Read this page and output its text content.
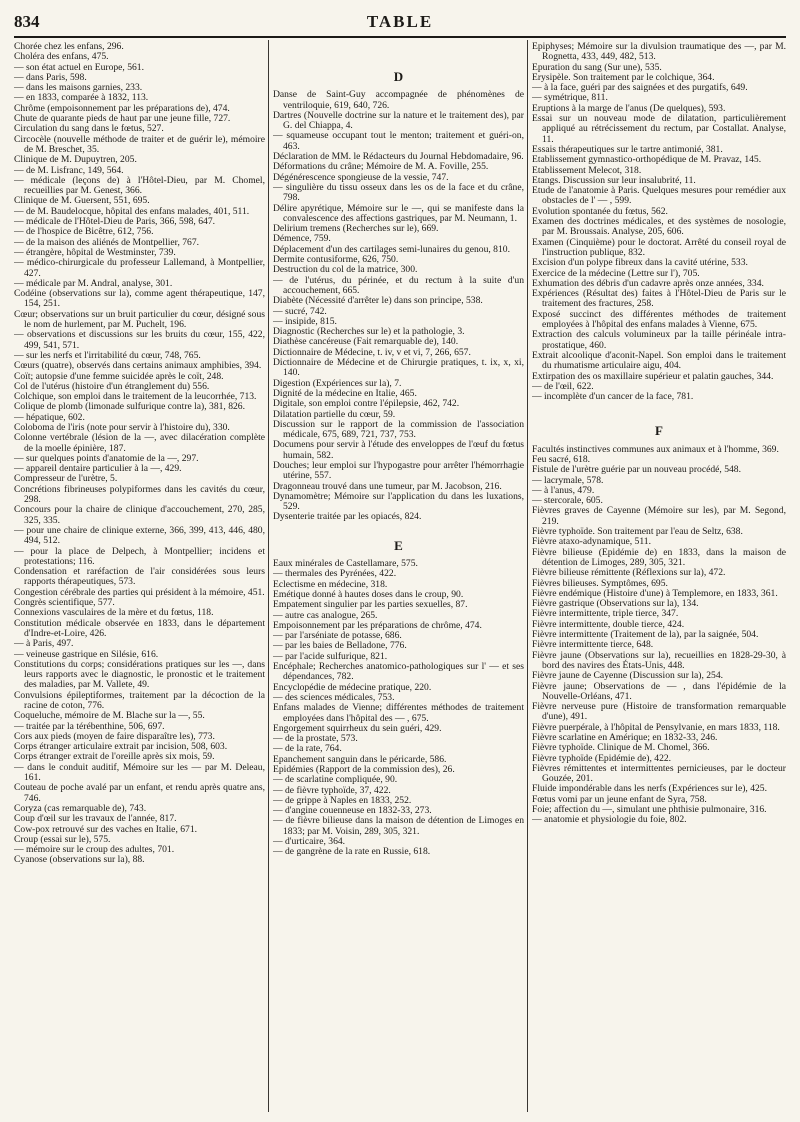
834	TABLE

Chorée chez les enfans, 296.

Choléra des enfans, 475.

— son état actuel en Europe, 561.

— dans Paris, 598.

— dans les maisons garnies, 233.

— en 1833, comparée à 1832, 113.

Chrôme (empoisonnement par les préparations de), 474.

Chute de quarante pieds de haut par une jeune fille, 727.

Circulation du sang dans le fœtus, 527.

Circocèle (nouvelle méthode de traiter et de guérir le), mémoire de M. Breschet, 35.

Clinique de M. Dupuytren, 205.

— de M. Lisfranc, 149, 564.

— médicale (leçons de) à l'Hôtel-Dieu, par M. Chomel, recueillies par M. Genest, 366.

Clinique de M. Guersent, 551, 695.

— de M. Baudelocque, hôpital des enfans malades, 401, 511.

— médicale de l'Hôtel-Dieu de Paris, 366, 598, 647.

— de l'hospice de Bicêtre, 612, 756.

— de la maison des aliénés de Montpellier, 767.

— étrangère, hôpital de Westminster, 739.

— médico-chirurgicale du professeur Lallemand, à Montpellier, 427.

— médicale par M. Andral, analyse, 301.

Codéine (observations sur la), comme agent thérapeutique, 147, 154, 251.

Cœur; observations sur un bruit particulier du cœur, désigné sous le nom de hurlement, par M. Puchelt, 196.

— observations et discussions sur les bruits du cœur, 155, 422, 499, 541, 571.

— sur les nerfs et l'irritabilité du cœur, 748, 765.

Cœurs (quatre), observés dans certains animaux amphibies, 394.

Coït; autopsie d'une femme suicidée après le coït, 248.

Col de l'utérus (histoire d'un étranglement du) 556.

Colchique, son emploi dans le traitement de la leucorrhée, 713.

Colique de plomb (limonade sulfurique contre la), 381, 826.

— hépatique, 602.

Coloboma de l'iris (note pour servir à l'histoire du), 330.

Colonne vertébrale (lésion de la —, avec dilacération complète de la moelle épinière, 187.

— sur quelques points d'anatomie de la —, 297.

— appareil dentaire particulier à la —, 429.

Compresseur de l'urètre, 5.

Concrétions fibrineuses polypiformes dans les cavités du cœur, 298.

Concours pour la chaire de clinique d'accouchement, 270, 285, 325, 335.

— pour une chaire de clinique externe, 366, 399, 413, 446, 480, 494, 512.

— pour la place de Delpech, à Montpellier; incidens et protestations; 116.

Condensation et raréfaction de l'air considérées sous leurs rapports thérapeutiques, 573.

Congestion cérébrale des parties qui président à la mémoire, 451.

Congrès scientifique, 577.

Connexions vasculaires de la mère et du fœtus, 118.

Constitution médicale observée en 1833, dans le département d'Indre-et-Loire, 426.

— à Paris, 497.

— veineuse gastrique en Silésie, 616.

Constitutions du corps; considérations pratiques sur les —, dans leurs rapports avec le diagnostic, le pronostic et le traitement des maladies, par M. Vallete, 49.

Convulsions épileptiformes, traitement par la décoction de la racine de coton, 776.

Coqueluche, mémoire de M. Blache sur la —, 55.

— traitée par la térébenthine, 506, 697.

Cors aux pieds (moyen de faire disparaître les), 773.

Corps étranger articulaire extrait par incision, 508, 603.

Corps étranger extrait de l'oreille après six mois, 59.

— dans le conduit auditif, Mémoire sur les — par M. Deleau, 161.

Couteau de poche avalé par un enfant, et rendu après quatre ans, 746.

Coryza (cas remarquable de), 743.

Coup d'œil sur les travaux de l'année, 817.

Cow-pox retrouvé sur des vaches en Italie, 671.

Croup (essai sur le), 575.

— mémoire sur le croup des adultes, 701.

Cyanose (observations sur la), 88.

D

Danse de Saint-Guy accompagnée de phénomènes de ventriloquie, 619, 640, 726.

Dartres (Nouvelle doctrine sur la nature et le traitement des), par G. del Chiappa, 4.

— squameuse occupant tout le menton; traitement et guéri-on, 463.

Déclaration de MM. le Rédacteurs du Journal Hebdomadaire, 96.

Déformations du crâne; Mémoire de M. A. Foville, 255.

Dégénérescence spongieuse de la vessie, 747.

— singulière du tissu osseux dans les os de la face et du crâne, 798.

Délire apyrétique, Mémoire sur le —, qui se manifeste dans la convalescence des affections gastriques, par M. Neumann, 1.

Delirium tremens (Recherches sur le), 669.

Démence, 759.

Déplacement d'un des cartilages semi-lunaires du genou, 810.

Dermite contusiforme, 626, 750.

Destruction du col de la matrice, 300.

— de l'utérus, du périnée, et du rectum à la suite d'un accouchement, 665.

Diabète (Nécessité d'arrêter le) dans son principe, 538.

— sucré, 742.

— insipide, 815.

Diagnostic (Recherches sur le) et la pathologie, 3.

Diathèse cancéreuse (Fait remarquable de), 140.

Dictionnaire de Médecine, t. iv, v et vi, 7, 266, 657.

Dictionnaire de Médecine et de Chirurgie pratiques, t. ix, x, xi, 140.

Digestion (Expériences sur la), 7.

Dignité de la médecine en Italie, 465.

Digitale, son emploi contre l'épilepsie, 462, 742.

Dilatation partielle du cœur, 59.

Discussion sur le rapport de la commission de l'association médicale, 675, 689, 721, 737, 753.

Documens pour servir à l'étude des enveloppes de l'œuf du fœtus humain, 582.

Douches; leur emploi sur l'hypogastre pour arrêter l'hémorrhagie utérine, 557.

Dragonneau trouvé dans une tumeur, par M. Jacobson, 216.

Dynamomètre; Mémoire sur l'application du dans les luxations, 529.

Dysenterie traitée par les opiacés, 824.

E

Eaux minérales de Castellamare, 575.

— thermales des Pyrénées, 422.

Eclectisme en médecine, 318.

Emétique donné à hautes doses dans le croup, 90.

Empatement singulier par les parties sexuelles, 87.

— autre cas analogue, 265.

Empoisonnement par les préparations de chrôme, 474.

— par l'arséniate de potasse, 686.

— par les baies de Belladone, 776.

— par l'acide sulfurique, 821.

Encéphale; Recherches anatomico-pathologiques sur l' — et ses dépendances, 782.

Encyclopédie de médecine pratique, 220.

— des sciences médicales, 753.

Enfans malades de Vienne; différentes méthodes de traitement employées dans l'hôpital des — , 675.

Engorgement squirrheux du sein guéri, 429.

— de la prostate, 573.

— de la rate, 764.

Epanchement sanguin dans le péricarde, 586.

Epidémies (Rapport de la commission des), 26.

— de scarlatine compliquée, 90.

— de fièvre typhoïde, 37, 422.

— de grippe à Naples en 1833, 252.

— d'angine couenneuse en 1832-33, 273.

— de fièvre bilieuse dans la maison de détention de Limoges en 1833; par M. Voisin, 289, 305, 321.

— d'urticaire, 364.

— de gangrène de la rate en Russie, 618.

Epiphyses; Mémoire sur la divulsion traumatique des —, par M. Rognetta, 433, 449, 482, 513.

Epuration du sang (Sur une), 535.

Erysipèle. Son traitement par le colchique, 364.

— à la face, guéri par des saignées et des purgatifs, 649.

— symétrique, 811.

Eruptions à la marge de l'anus (De quelques), 593.

Essai sur un nouveau mode de dilatation, particulièrement appliqué au rétrécissement du rectum, par Costallat. Analyse, 11.

Essais thérapeutiques sur le tartre antimonié, 381.

Etablissement gymnastico-orthopédique de M. Pravaz, 145.

Etablissement Melecot, 318.

Etangs. Discussion sur leur insalubrité, 11.

Etude de l'anatomie à Paris. Quelques mesures pour remédier aux obstacles de l' — , 599.

Evolution spontanée du fœtus, 562.

Examen des doctrines médicales, et des systèmes de nosologie, par M. Broussais. Analyse, 205, 606.

Examen (Cinquième) pour le doctorat. Arrêté du conseil royal de l'instruction publique, 832.

Excision d'un polype fibreux dans la cavité utérine, 533.

Exercice de la médecine (Lettre sur l'), 705.

Exhumation des débris d'un cadavre après onze années, 334.

Expériences (Résultat des) faites à l'Hôtel-Dieu de Paris sur le traitement des fractures, 258.

Exposé succinct des différentes méthodes de traitement employées à l'hôpital des enfans malades à Vienne, 675.

Extraction des calculs volumineux par la taille périnéale intra-prostatique, 460.

Extrait alcoolique d'aconit-Napel. Son emploi dans le traitement du rhumatisme articulaire aigu, 404.

Extirpation des os maxillaire supérieur et palatin gauches, 344.

— de l'œil, 622.

— incomplète d'un cancer de la face, 781.

F

Facultés instinctives communes aux animaux et à l'homme, 369.

Feu sacré, 618.

Fistule de l'urètre guérie par un nouveau procédé, 548.

— lacrymale, 578.

— à l'anus, 479.

— stercorale, 605.

Fièvres graves de Cayenne (Mémoire sur les), par M. Segond, 219.

Fièvre typhoïde. Son traitement par l'eau de Seltz, 638.

Fièvre ataxo-adynamique, 511.

Fièvre bilieuse (Epidémie de) en 1833, dans la maison de détention de Limoges, 289, 305, 321.

Fièvre bilieuse rémittente (Réflexions sur la), 472.

Fièvres bilieuses. Symptômes, 695.

Fièvre endémique (Histoire d'une) à Templemore, en 1833, 361.

Fièvre gastrique (Observations sur la), 134.

Fièvre intermittente, triple tierce, 347.

Fièvre intermittente, double tierce, 424.

Fièvre intermittente (Traitement de la), par la saignée, 504.

Fièvre intermittente tierce, 648.

Fièvre jaune (Observations sur la), recueillies en 1828-29-30, à bord des navires des États-Unis, 448.

Fièvre jaune de Cayenne (Discussion sur la), 254.

Fièvre jaune; Observations de — , dans l'épidémie de la Nouvelle-Orléans, 471.

Fièvre nerveuse pure (Histoire de transformation remarquable d'une), 491.

Fièvre puerpérale, à l'hôpital de Pensylvanie, en mars 1833, 118.

Fièvre scarlatine en Amérique; en 1832-33, 246.

Fièvre typhoïde. Clinique de M. Chomel, 366.

Fièvre typhoïde (Epidémie de), 422.

Fièvres rémittentes et intermittentes pernicieuses, par le docteur Gouzée, 201.

Fluide impondérable dans les nerfs (Expériences sur le), 425.

Fœtus vomi par un jeune enfant de Syra, 758.

Foie; affection du —, simulant une phthisie pulmonaire, 316.

— anatomie et physiologie du foie, 802.
